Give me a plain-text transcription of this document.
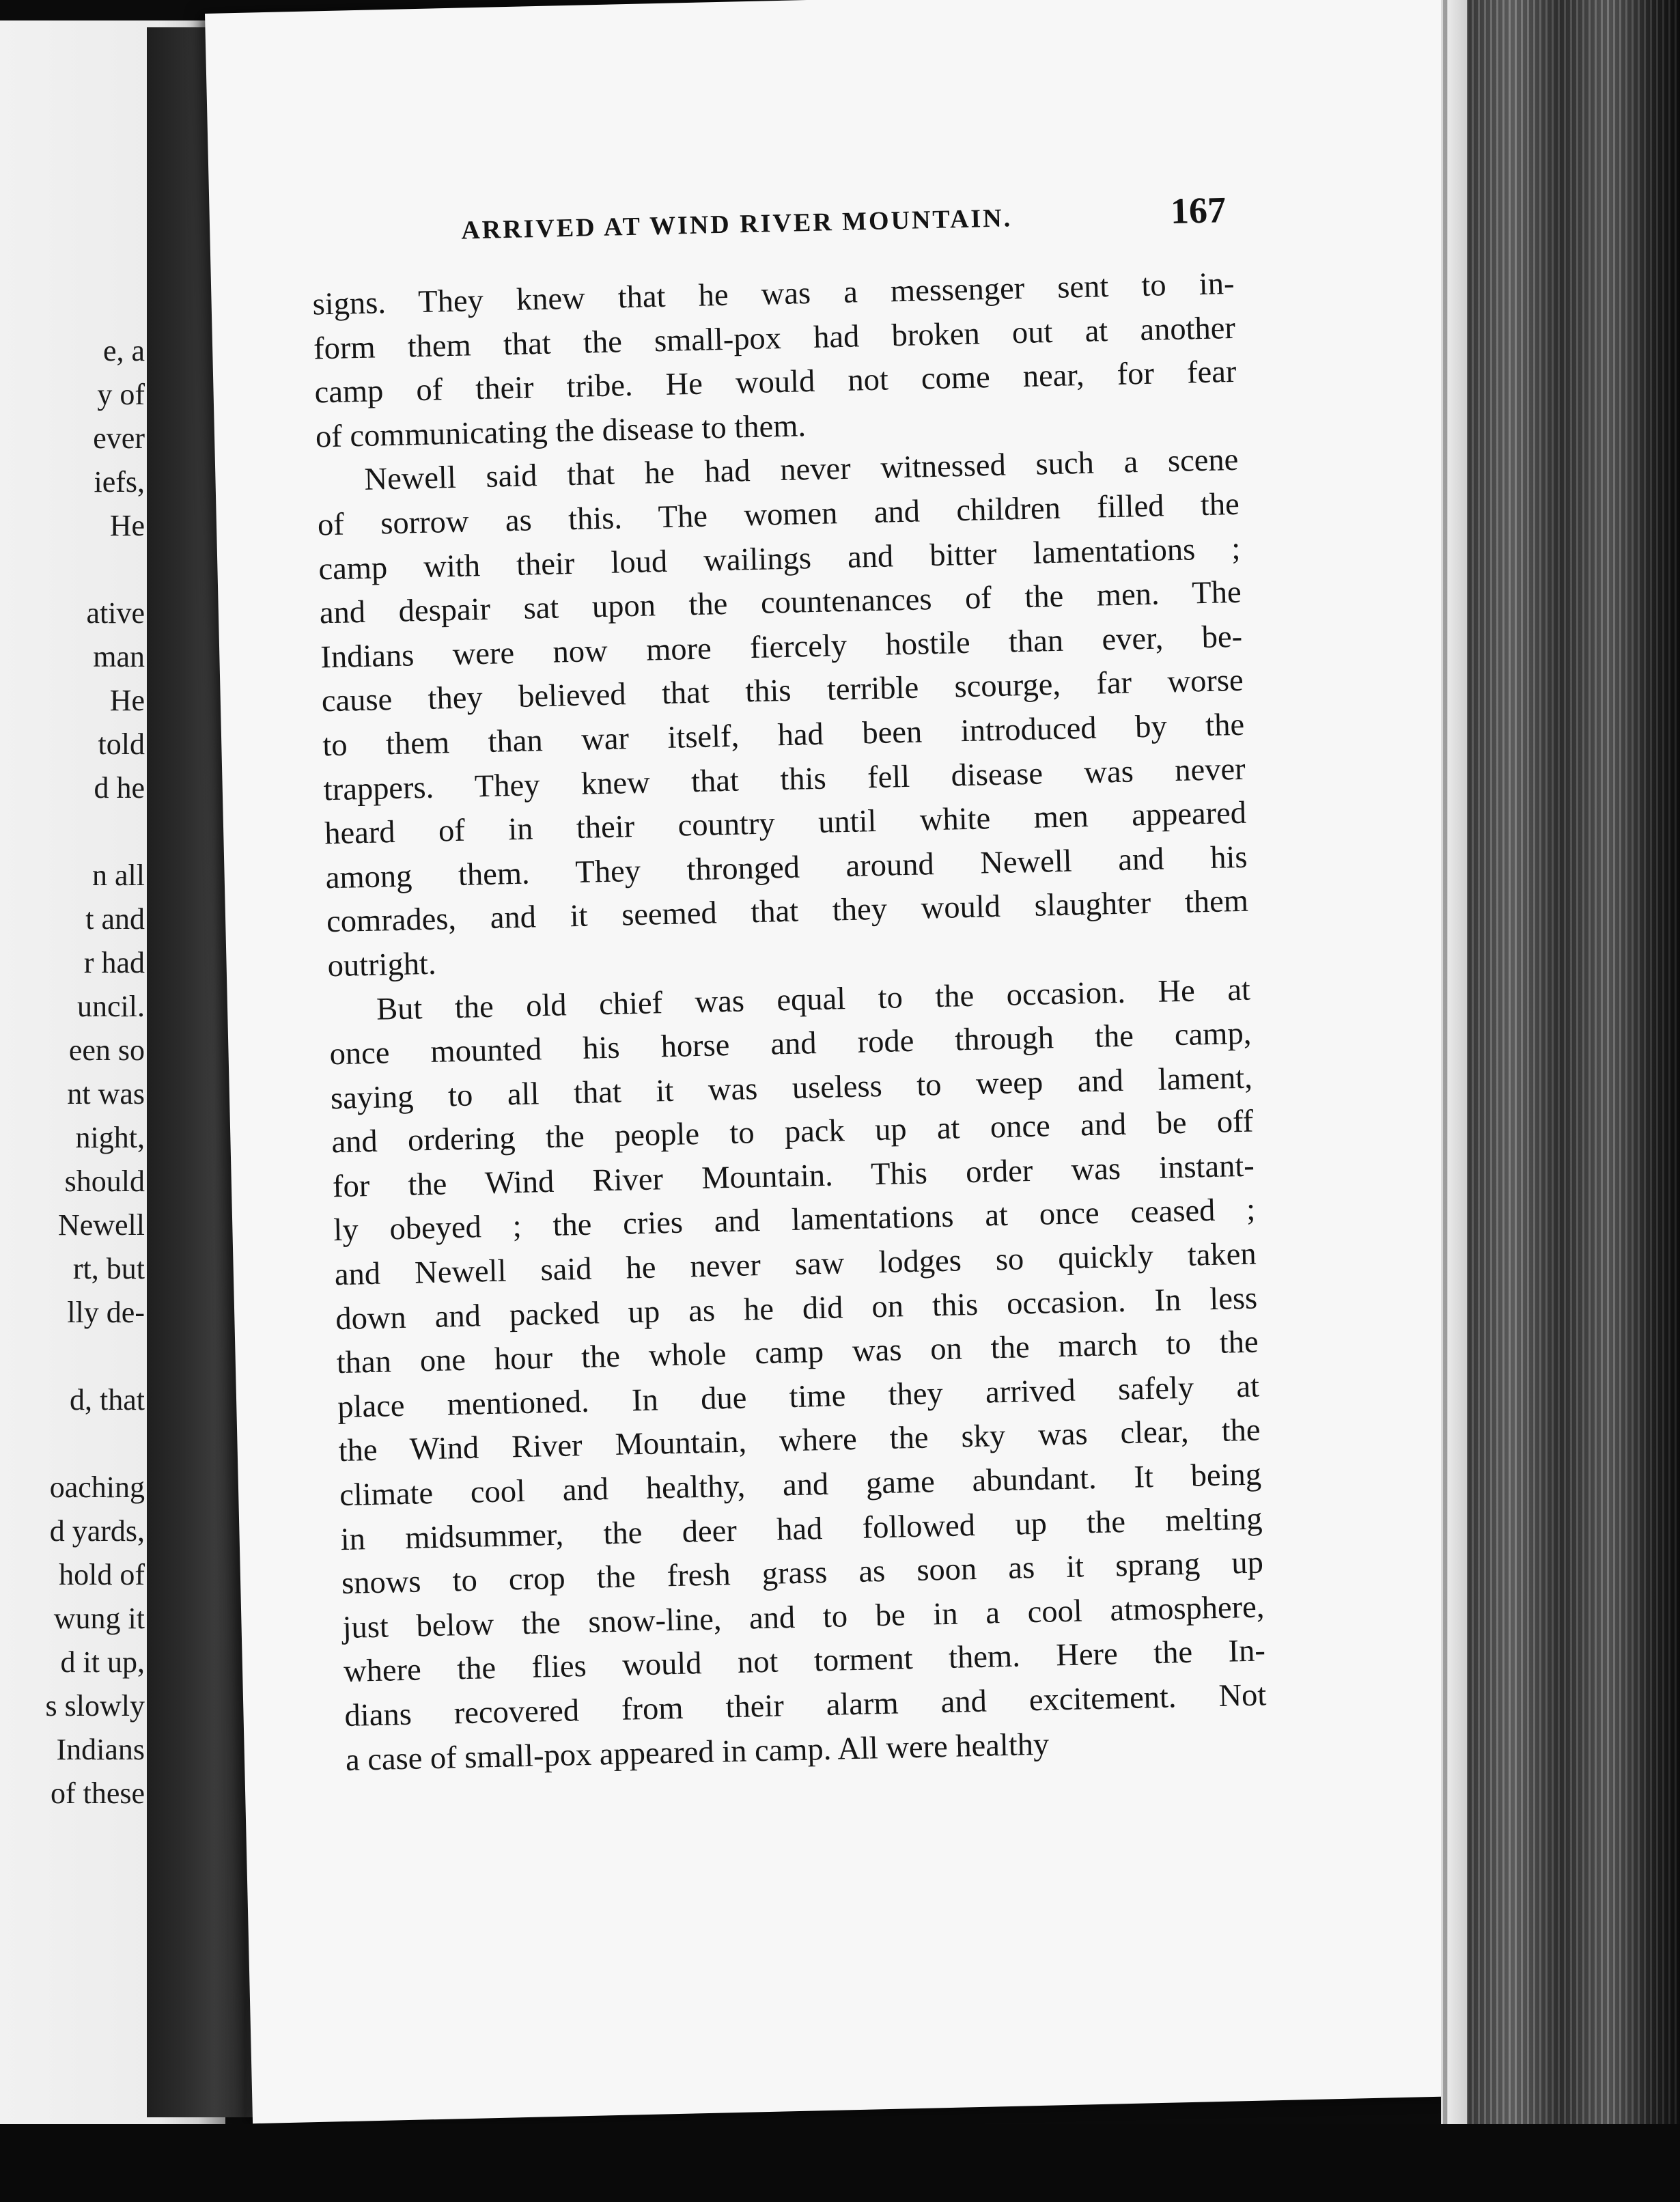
e, a
y of
ever
iefs,
He
ative
man
He
told
d he
n all
t and
r had
uncil.
een so
nt was
night,
should
Newell
rt, but
lly de-
d, that
oaching
d yards,
hold of
wung it
d it up,
s slowly
Indians
of these
ARRIVED AT WIND RIVER MOUNTAIN.	167
signs. They knew that he was a messenger sent to in-
form them that the small-pox had broken out at another
camp of their tribe. He would not come near, for fear
of communicating the disease to them.
Newell said that he had never witnessed such a scene
of sorrow as this. The women and children filled the
camp with their loud wailings and bitter lamentations ;
and despair sat upon the countenances of the men. The
Indians were now more fiercely hostile than ever, be-
cause they believed that this terrible scourge, far worse
to them than war itself, had been introduced by the
trappers. They knew that this fell disease was never
heard of in their country until white men appeared
among them. They thronged around Newell and his
comrades, and it seemed that they would slaughter them
outright.
But the old chief was equal to the occasion. He at
once mounted his horse and rode through the camp,
saying to all that it was useless to weep and lament,
and ordering the people to pack up at once and be off
for the Wind River Mountain. This order was instant-
ly obeyed ; the cries and lamentations at once ceased ;
and Newell said he never saw lodges so quickly taken
down and packed up as he did on this occasion. In less
than one hour the whole camp was on the march to the
place mentioned. In due time they arrived safely at
the Wind River Mountain, where the sky was clear, the
climate cool and healthy, and game abundant. It being
in midsummer, the deer had followed up the melting
snows to crop the fresh grass as soon as it sprang up
just below the snow-line, and to be in a cool atmosphere,
where the flies would not torment them. Here the In-
dians recovered from their alarm and excitement. Not
a case of small-pox appeared in camp. All were healthy
